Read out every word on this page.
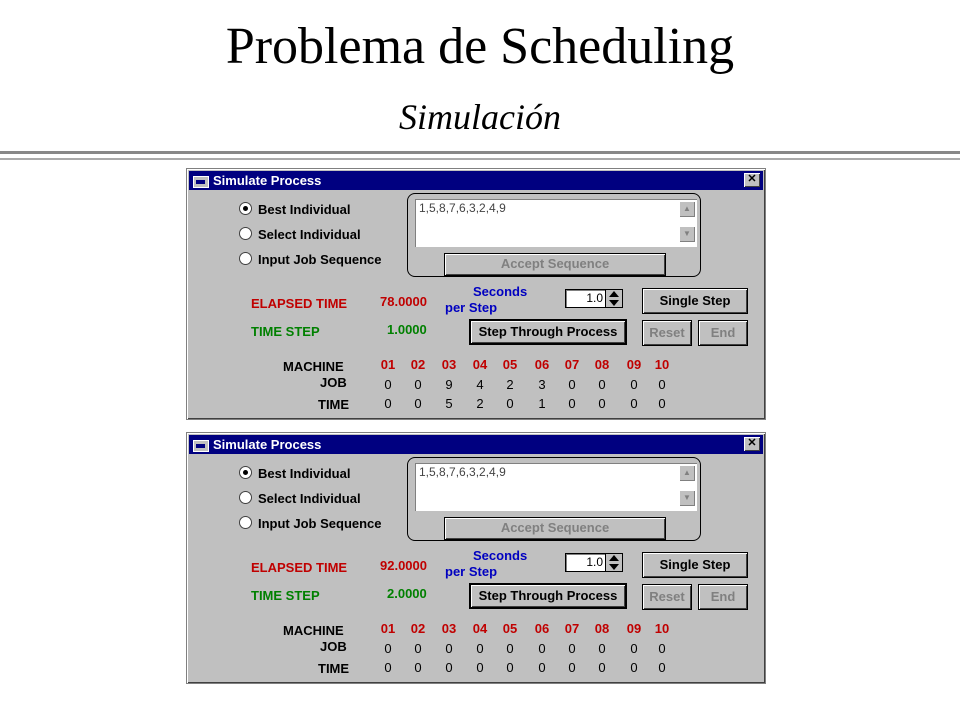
Problema de Scheduling
Simulación
Simulate Process	✕
Best Individual
Select Individual
Input Job Sequence
1,5,8,7,6,3,2,4,9	▲
▼
Accept Sequence
ELAPSED TIME	78.0000
TIME STEP	1.0000
Seconds
per Step
1.0	Single Step
Step Through Process	Reset	End
MACHINE
JOB
TIME
01	02	03	04	05	06	07	08	09	10
0	0	9	4	2	3	0	0	0	0
0	0	5	2	0	1	0	0	0	0
Simulate Process	✕
Best Individual
Select Individual
Input Job Sequence
1,5,8,7,6,3,2,4,9	▲
▼
Accept Sequence
ELAPSED TIME	92.0000
TIME STEP	2.0000
Seconds
per Step
1.0	Single Step
Step Through Process	Reset	End
MACHINE
JOB
TIME
01	02	03	04	05	06	07	08	09	10
0	0	0	0	0	0	0	0	0	0
0	0	0	0	0	0	0	0	0	0
